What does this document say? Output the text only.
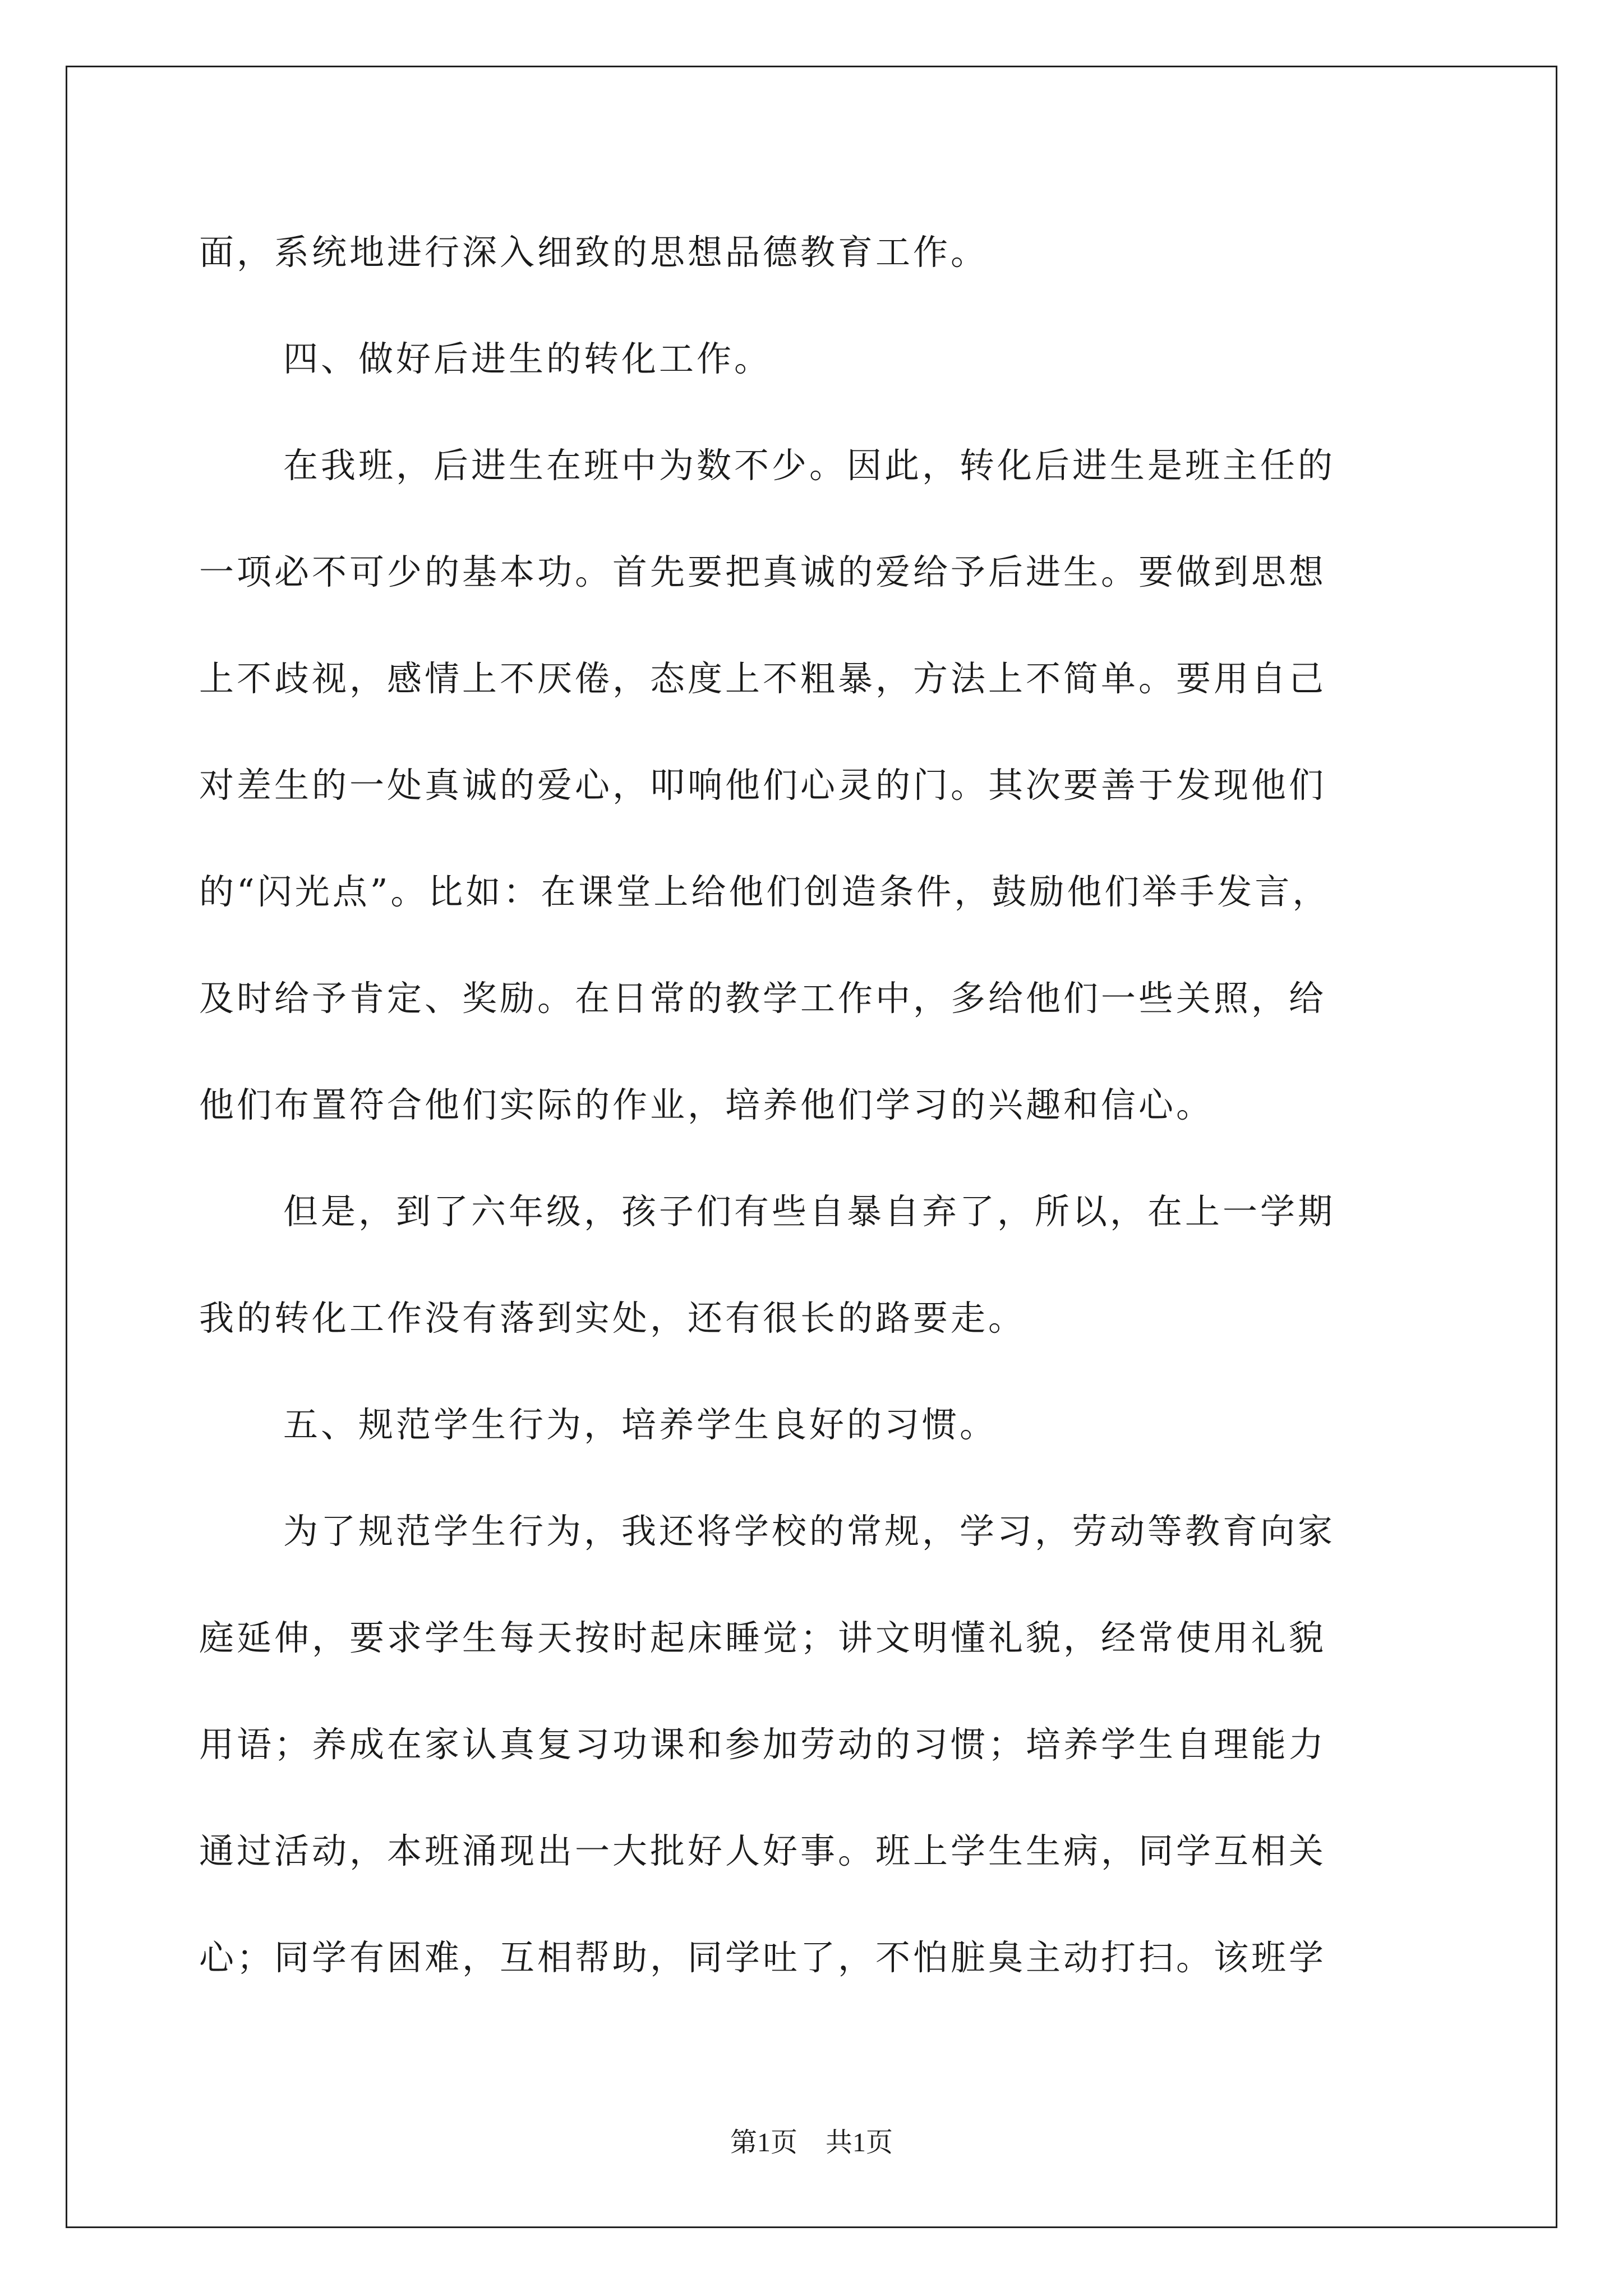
面，系统地进行深入细致的思想品德教育工作。
四、做好后进生的转化工作。
在我班，后进生在班中为数不少。因此，转化后进生是班主任的
一项必不可少的基本功。首先要把真诚的爱给予后进生。要做到思想
上不歧视，感情上不厌倦，态度上不粗暴，方法上不简单。要用自己
对差生的一处真诚的爱心，叩响他们心灵的门。其次要善于发现他们
的“闪光点”。比如：在课堂上给他们创造条件，鼓励他们举手发言，
及时给予肯定、奖励。在日常的教学工作中，多给他们一些关照，给
他们布置符合他们实际的作业，培养他们学习的兴趣和信心。
但是，到了六年级，孩子们有些自暴自弃了，所以，在上一学期
我的转化工作没有落到实处，还有很长的路要走。
五、规范学生行为，培养学生良好的习惯。
为了规范学生行为，我还将学校的常规，学习，劳动等教育向家
庭延伸，要求学生每天按时起床睡觉；讲文明懂礼貌，经常使用礼貌
用语；养成在家认真复习功课和参加劳动的习惯；培养学生自理能力
通过活动，本班涌现出一大批好人好事。班上学生生病，同学互相关
心；同学有困难，互相帮助，同学吐了，不怕脏臭主动打扫。该班学
第1页 共1页
